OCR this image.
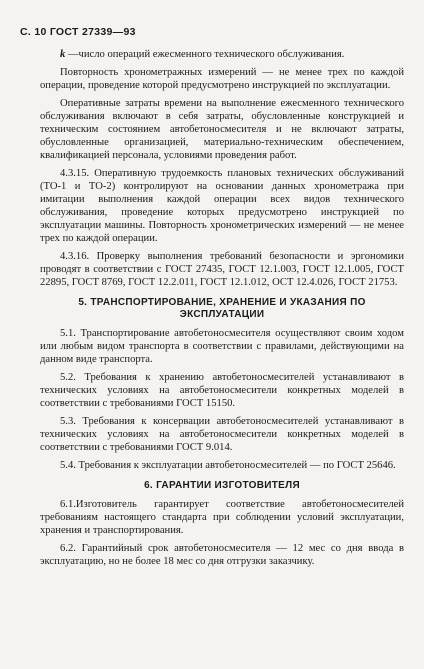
С. 10 ГОСТ 27339—93

k —число операций ежесменного технического обслуживания.

Повторность хронометражных измерений — не менее трех по каждой операции, проведение которой предусмотрено инструкцией по эксплуатации.

Оперативные затраты времени на выполнение ежесменного технического обслуживания включают в себя затраты, обусловленные конструкцией и техническим состоянием автобетоносмесителя и не включают затраты, обусловленные организацией, материально-техническим обеспечением, квалификацией персонала, условиями проведения работ.

4.3.15. Оперативную трудоемкость плановых технических обслуживаний (ТО-1 и ТО-2) контролируют на основании данных хронометража при имитации выполнения каждой операции всех видов технического обслуживания, проведение которых предусмотрено инструкцией по эксплуатации машины. Повторность хронометрических измерений — не менее трех по каждой операции.

4.3.16. Проверку выполнения требований безопасности и эргономики проводят в соответствии с ГОСТ 27435, ГОСТ 12.1.003, ГОСТ 12.1.005, ГОСТ 22895, ГОСТ 8769, ГОСТ 12.2.011, ГОСТ 12.1.012, ОСТ 12.4.026, ГОСТ 21753.

5. ТРАНСПОРТИРОВАНИЕ, ХРАНЕНИЕ И УКАЗАНИЯ ПО ЭКСПЛУАТАЦИИ

5.1. Транспортирование автобетоносмесителя осуществляют своим ходом или любым видом транспорта в соответствии с правилами, действующими на данном виде транспорта.

5.2. Требования к хранению автобетоносмесителей устанавливают в технических условиях на автобетоносмесители конкретных моделей в соответствии с требованиями ГОСТ 15150.

5.3. Требования к консервации автобетоносмесителей устанавливают в технических условиях на автобетоносмесители конкретных моделей в соответствии с требованиями ГОСТ 9.014.

5.4. Требования к эксплуатации автобетоносмесителей — по ГОСТ 25646.

6. ГАРАНТИИ ИЗГОТОВИТЕЛЯ

6.1.Изготовитель гарантирует соответствие автобетоносмесителей требованиям настоящего стандарта при соблюдении условий эксплуатации, хранения и транспортирования.

6.2. Гарантийный срок автобетоносмесителя — 12 мес со дня ввода в эксплуатацию, но не более 18 мес со дня отгрузки заказчику.
